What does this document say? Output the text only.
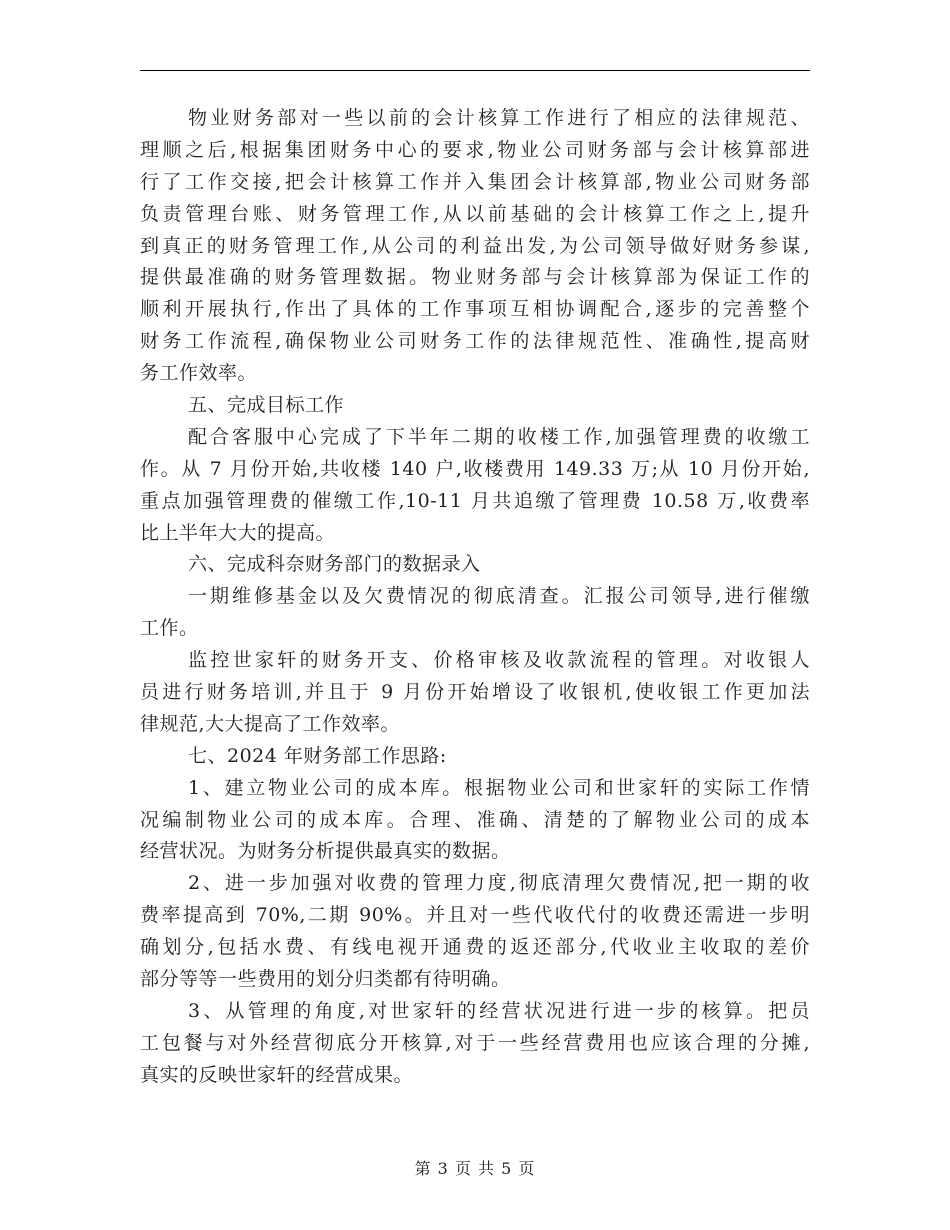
物业财务部对一些以前的会计核算工作进行了相应的法律规范、
理顺之后,根据集团财务中心的要求,物业公司财务部与会计核算部进
行了工作交接,把会计核算工作并入集团会计核算部,物业公司财务部
负责管理台账、财务管理工作,从以前基础的会计核算工作之上,提升
到真正的财务管理工作,从公司的利益出发,为公司领导做好财务参谋,
提供最准确的财务管理数据。物业财务部与会计核算部为保证工作的
顺利开展执行,作出了具体的工作事项互相协调配合,逐步的完善整个
财务工作流程,确保物业公司财务工作的法律规范性、准确性,提高财
务工作效率。
五、完成目标工作
配合客服中心完成了下半年二期的收楼工作,加强管理费的收缴工
作。从 7 月份开始,共收楼 140 户,收楼费用 149.33 万;从 10 月份开始,
重点加强管理费的催缴工作,10-11 月共追缴了管理费 10.58 万,收费率
比上半年大大的提高。
六、完成科奈财务部门的数据录入
一期维修基金以及欠费情况的彻底清查。汇报公司领导,进行催缴
工作。
监控世家轩的财务开支、价格审核及收款流程的管理。对收银人
员进行财务培训,并且于 9 月份开始增设了收银机,使收银工作更加法
律规范,大大提高了工作效率。
七、2024 年财务部工作思路:
1、建立物业公司的成本库。根据物业公司和世家轩的实际工作情
况编制物业公司的成本库。合理、准确、清楚的了解物业公司的成本
经营状况。为财务分析提供最真实的数据。
2、进一步加强对收费的管理力度,彻底清理欠费情况,把一期的收
费率提高到 70%,二期 90%。并且对一些代收代付的收费还需进一步明
确划分,包括水费、有线电视开通费的返还部分,代收业主收取的差价
部分等等一些费用的划分归类都有待明确。
3、从管理的角度,对世家轩的经营状况进行进一步的核算。把员
工包餐与对外经营彻底分开核算,对于一些经营费用也应该合理的分摊,
真实的反映世家轩的经营成果。
第 3 页 共 5 页
